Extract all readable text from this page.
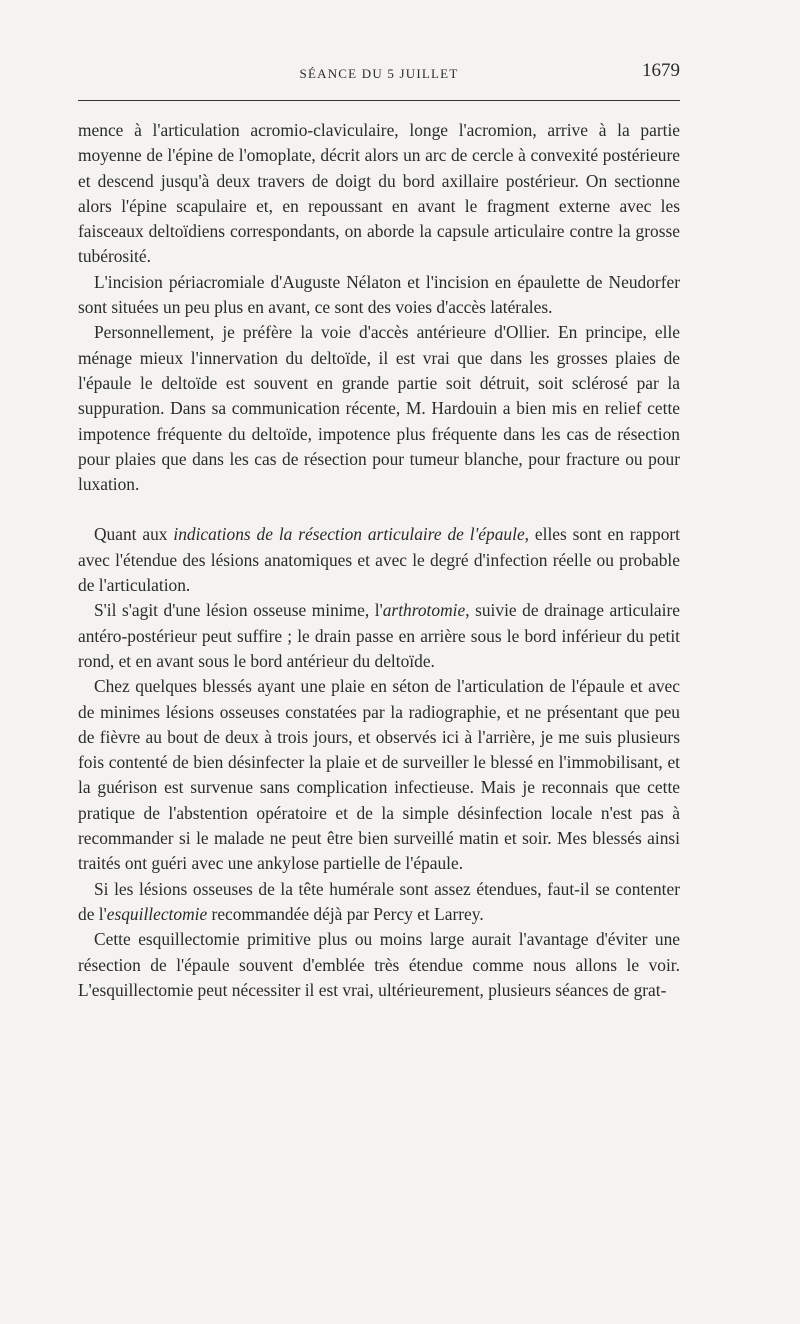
SÉANCE DU 5 JUILLET	1679

mence à l'articulation acromio-claviculaire, longe l'acromion, arrive à la partie moyenne de l'épine de l'omoplate, décrit alors un arc de cercle à convexité postérieure et descend jusqu'à deux travers de doigt du bord axillaire postérieur. On sectionne alors l'épine scapulaire et, en repoussant en avant le fragment externe avec les faisceaux deltoïdiens correspondants, on aborde la capsule articulaire contre la grosse tubérosité.

L'incision périacromiale d'Auguste Nélaton et l'incision en épaulette de Neudorfer sont situées un peu plus en avant, ce sont des voies d'accès latérales.

Personnellement, je préfère la voie d'accès antérieure d'Ollier. En principe, elle ménage mieux l'innervation du deltoïde, il est vrai que dans les grosses plaies de l'épaule le deltoïde est souvent en grande partie soit détruit, soit sclérosé par la suppuration. Dans sa communication récente, M. Hardouin a bien mis en relief cette impotence fréquente du deltoïde, impotence plus fréquente dans les cas de résection pour plaies que dans les cas de résection pour tumeur blanche, pour fracture ou pour luxation.

Quant aux indications de la résection articulaire de l'épaule, elles sont en rapport avec l'étendue des lésions anatomiques et avec le degré d'infection réelle ou probable de l'articulation.

S'il s'agit d'une lésion osseuse minime, l'arthrotomie, suivie de drainage articulaire antéro-postérieur peut suffire ; le drain passe en arrière sous le bord inférieur du petit rond, et en avant sous le bord antérieur du deltoïde.

Chez quelques blessés ayant une plaie en séton de l'articulation de l'épaule et avec de minimes lésions osseuses constatées par la radiographie, et ne présentant que peu de fièvre au bout de deux à trois jours, et observés ici à l'arrière, je me suis plusieurs fois contenté de bien désinfecter la plaie et de surveiller le blessé en l'immobilisant, et la guérison est survenue sans complication infectieuse. Mais je reconnais que cette pratique de l'abstention opératoire et de la simple désinfection locale n'est pas à recommander si le malade ne peut être bien surveillé matin et soir. Mes blessés ainsi traités ont guéri avec une ankylose partielle de l'épaule.

Si les lésions osseuses de la tête humérale sont assez étendues, faut-il se contenter de l'esquillectomie recommandée déjà par Percy et Larrey.

Cette esquillectomie primitive plus ou moins large aurait l'avantage d'éviter une résection de l'épaule souvent d'emblée très étendue comme nous allons le voir. L'esquillectomie peut nécessiter il est vrai, ultérieurement, plusieurs séances de grat-
